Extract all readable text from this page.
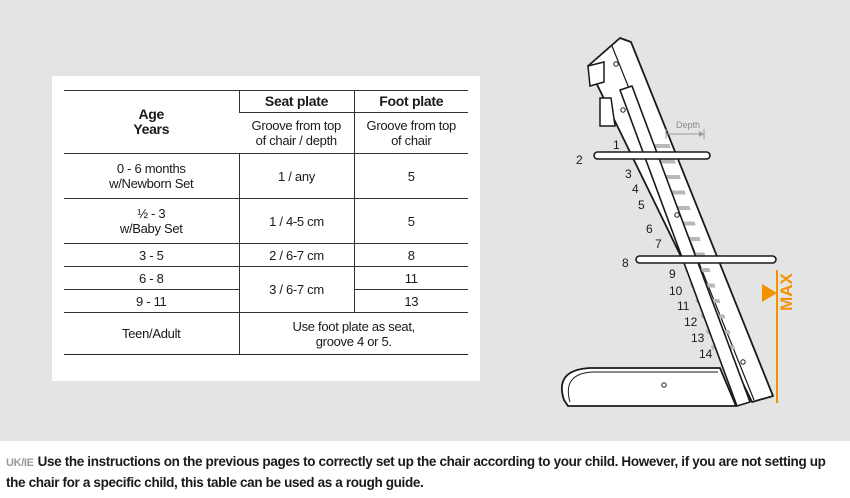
Age
Years	Seat plate	Foot plate

	Groove from top of chair / depth	Groove from top of chair

0 - 6 months
w/Newborn Set	1 / any	5

½ - 3
w/Baby Set	1 / 4-5 cm	5
3 - 5	2 / 6-7 cm	8
6 - 8	3 / 6-7 cm	11
9 - 11		13
Teen/Adult	Use foot plate as seat,
groove 4 or 5.	
Depth
MAX
1
2
3
4
5
6
7
8
9
10
11
12
13
14
UK/IE Use the instructions on the previous pages to correctly set up the chair according to your child. However, if you are not setting up the chair for a specific child, this table can be used as a rough guide.
